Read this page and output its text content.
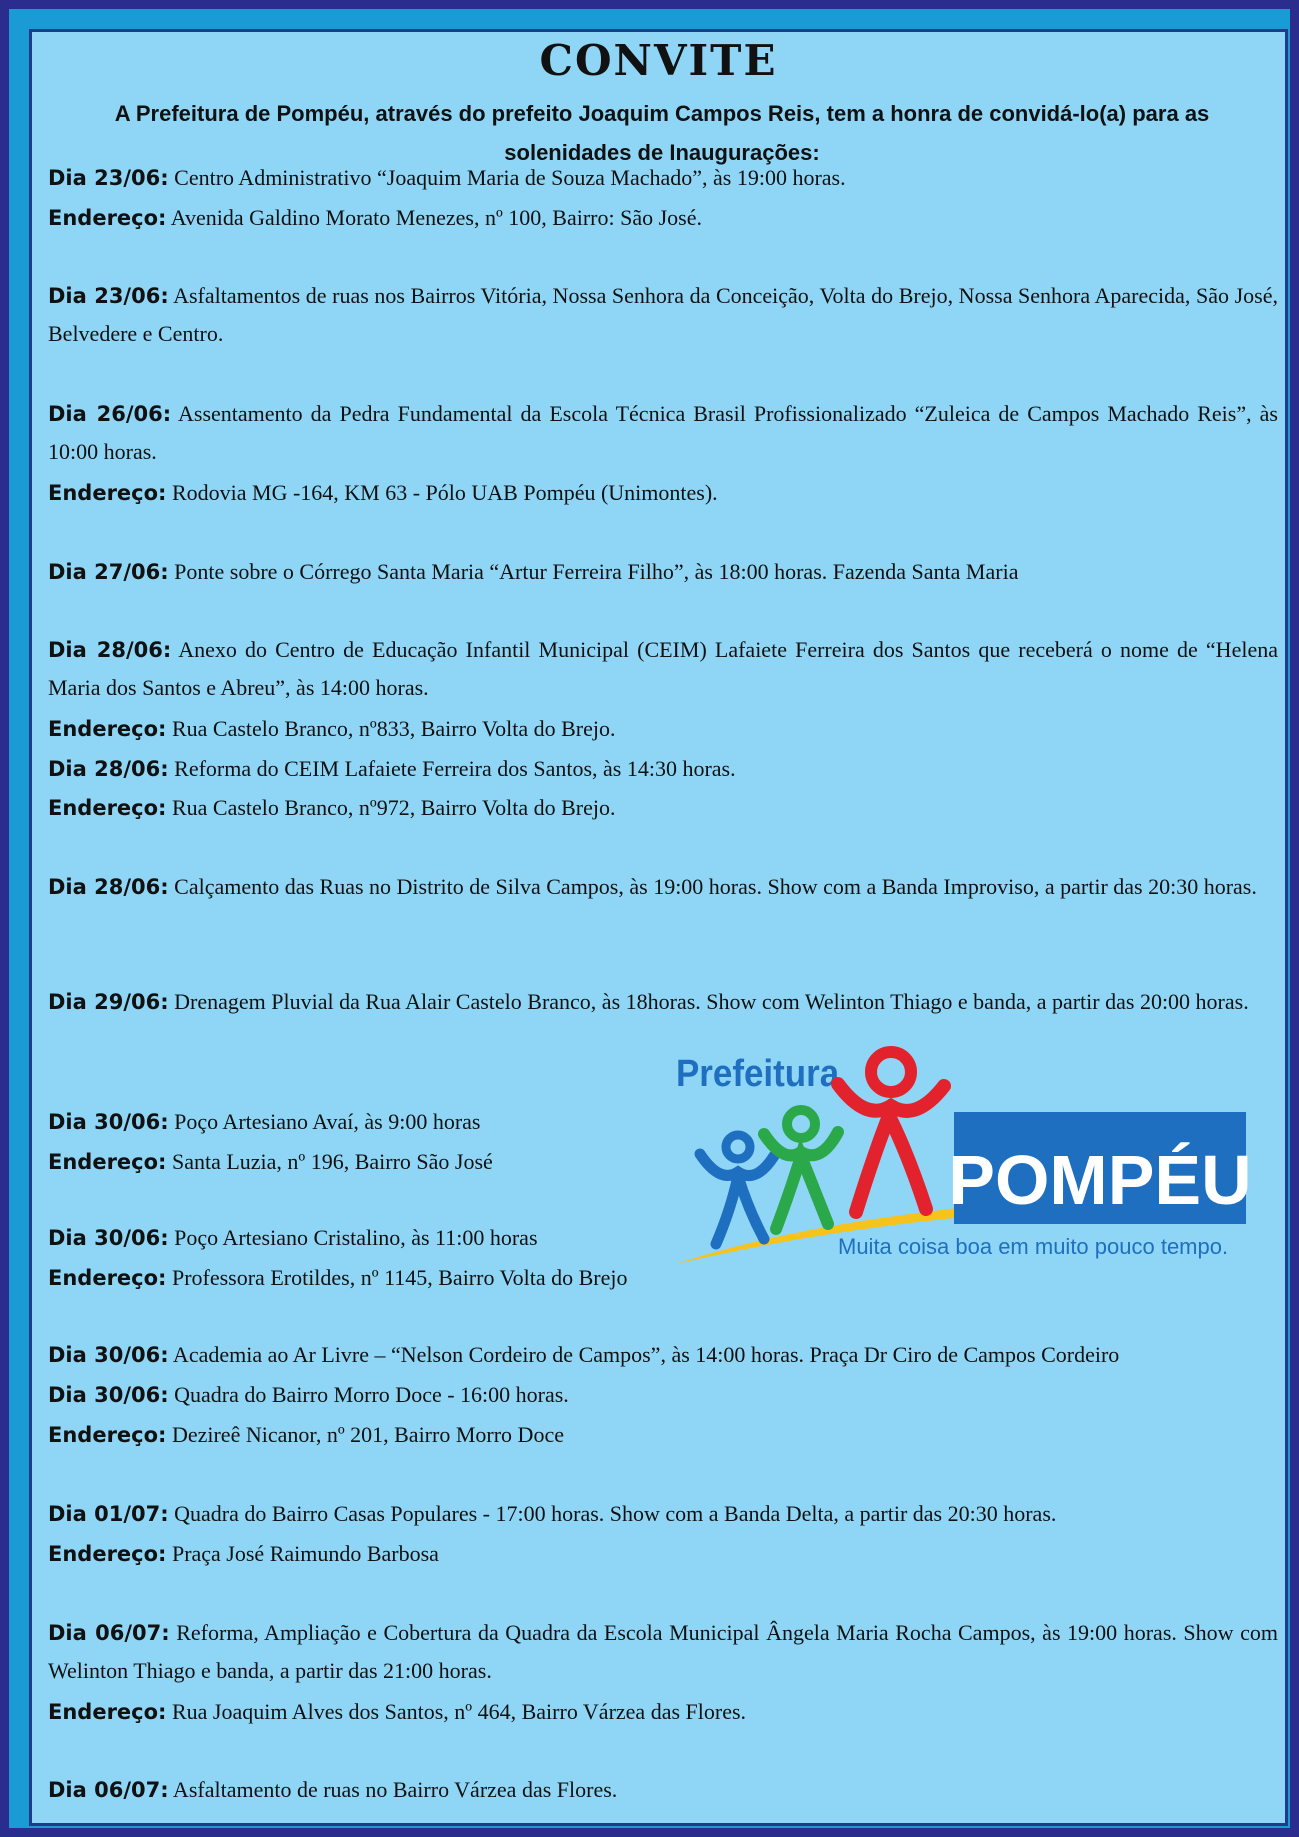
CONVITE
A Prefeitura de Pompéu, através do prefeito Joaquim Campos Reis, tem a honra de convidá-lo(a) para as solenidades de Inaugurações:
Dia 23/06: Centro Administrativo “Joaquim Maria de Souza Machado”, às 19:00 horas.
Endereço: Avenida Galdino Morato Menezes, nº 100, Bairro: São José.
Dia 23/06: Asfaltamentos de ruas nos Bairros Vitória, Nossa Senhora da Conceição, Volta do Brejo, Nossa Senhora Aparecida, São José, Belvedere e Centro.
Dia 26/06: Assentamento da Pedra Fundamental da Escola Técnica Brasil Profissionalizado “Zuleica de Campos Machado Reis”, às 10:00 horas.
Endereço: Rodovia MG -164, KM 63 - Pólo UAB Pompéu (Unimontes).
Dia 27/06: Ponte sobre o Córrego Santa Maria “Artur Ferreira Filho”, às 18:00 horas. Fazenda Santa Maria
Dia 28/06: Anexo do Centro de Educação Infantil Municipal (CEIM) Lafaiete Ferreira dos Santos que receberá o nome de “Helena Maria dos Santos e Abreu”, às 14:00 horas.
Endereço: Rua Castelo Branco, nº833, Bairro Volta do Brejo.
Dia 28/06: Reforma do CEIM Lafaiete Ferreira dos Santos, às 14:30 horas.
Endereço: Rua Castelo Branco, nº972, Bairro Volta do Brejo.
Dia 28/06: Calçamento das Ruas no Distrito de Silva Campos, às 19:00 horas. Show com a Banda Improviso, a partir das 20:30 horas.
Dia 29/06: Drenagem Pluvial da Rua Alair Castelo Branco, às 18horas. Show com Welinton Thiago e banda, a partir das 20:00 horas.
Dia 30/06: Poço Artesiano Avaí, às 9:00 horas
Endereço: Santa Luzia, nº 196, Bairro São José
Dia 30/06: Poço Artesiano Cristalino, às 11:00 horas
Endereço: Professora Erotildes, nº 1145, Bairro Volta do Brejo
Dia 30/06: Academia ao Ar Livre – “Nelson Cordeiro de Campos”, às 14:00 horas. Praça Dr Ciro de Campos Cordeiro
Dia 30/06: Quadra do Bairro Morro Doce - 16:00 horas.
Endereço: Dezireê Nicanor, nº 201, Bairro Morro Doce
Dia 01/07: Quadra do Bairro Casas Populares - 17:00 horas. Show com a Banda Delta, a partir das 20:30 horas.
Endereço: Praça José Raimundo Barbosa
Dia 06/07: Reforma, Ampliação e Cobertura da Quadra da Escola Municipal Ângela Maria Rocha Campos, às 19:00 horas. Show com Welinton Thiago e banda, a partir das 21:00 horas.
Endereço: Rua Joaquim Alves dos Santos, nº 464, Bairro Várzea das Flores.
Dia 06/07: Asfaltamento de ruas no Bairro Várzea das Flores.
Prefeitura
POMPÉU
Muita coisa boa em muito pouco tempo.
